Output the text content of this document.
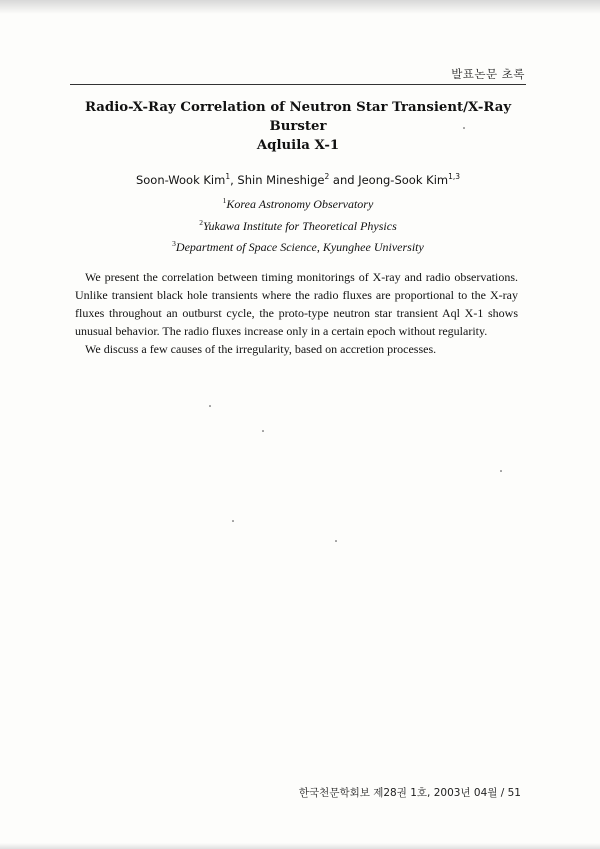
발표논문 초록
Radio-X-Ray Correlation of Neutron Star Transient/X-Ray Burster
Aqluila X-1
Soon-Wook Kim$^1$, Shin Mineshige$^2$ and Jeong-Sook Kim$^{1,3}$
$^1$Korea Astronomy Observatory
$^2$Yukawa Institute for Theoretical Physics
$^3$Department of Space Science, Kyunghee University

We present the correlation between timing monitorings of X-ray and radio observations. Unlike transient black hole transients where the radio fluxes are proportional to the X-ray fluxes throughout an outburst cycle, the proto-type neutron star transient Aql X-1 shows unusual behavior. The radio fluxes increase only in a certain epoch without regularity.

We discuss a few causes of the irregularity, based on accretion processes.

한국천문학회보 제28권 1호, 2003년 04월 / 51
